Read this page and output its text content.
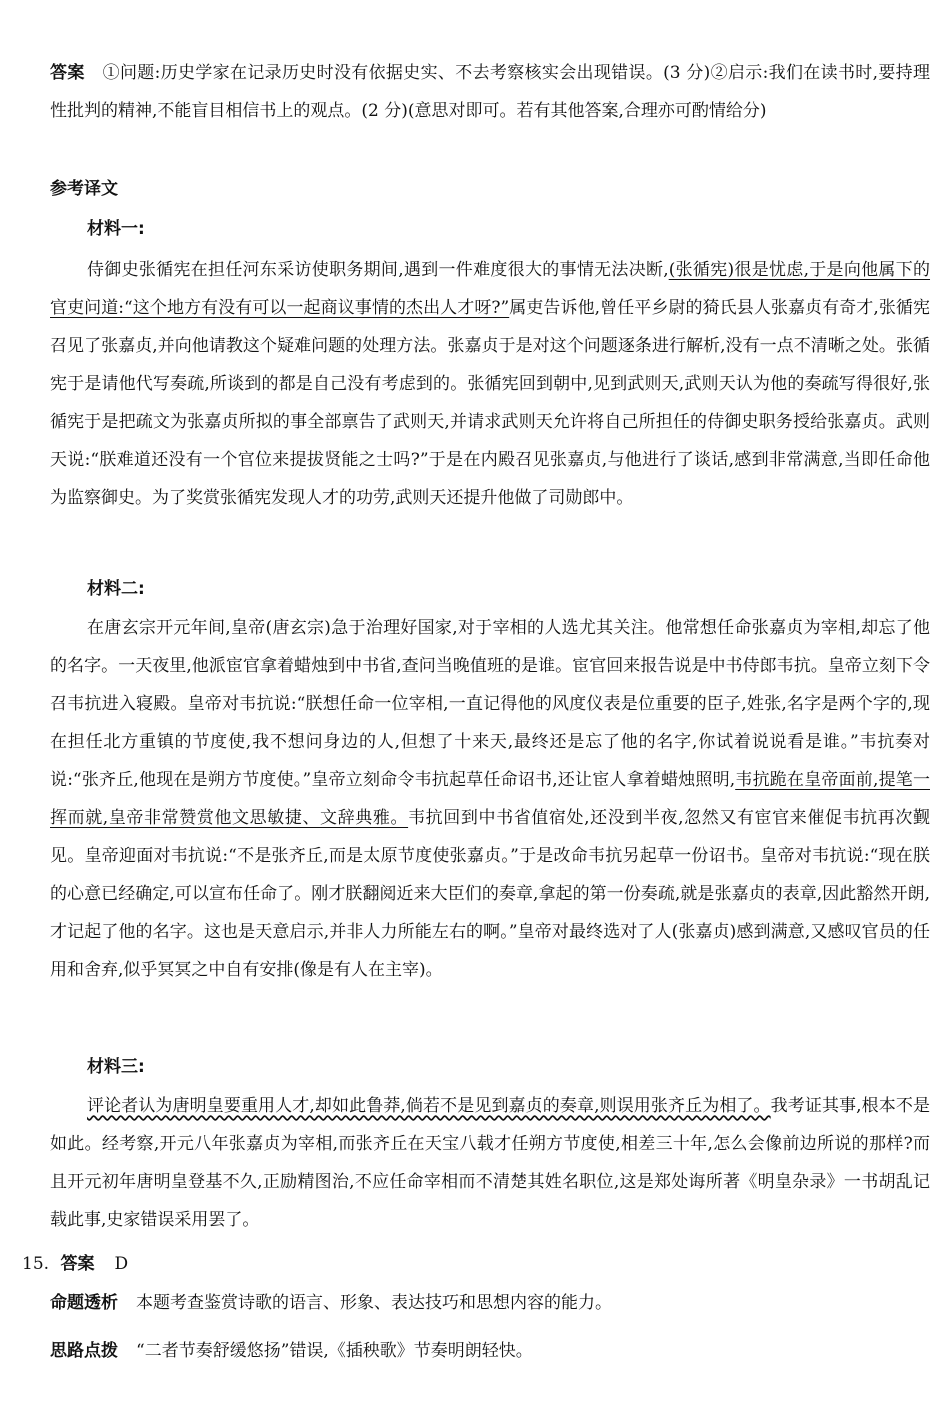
答案 ①问题:历史学家在记录历史时没有依据史实、不去考察核实会出现错误。(3 分)②启示:我们在读书时,要持理性批判的精神,不能盲目相信书上的观点。(2 分)(意思对即可。若有其他答案,合理亦可酌情给分)
参考译文
材料一:
侍御史张循宪在担任河东采访使职务期间,遇到一件难度很大的事情无法决断,(张循宪)很是忧虑,于是向他属下的官吏问道:“这个地方有没有可以一起商议事情的杰出人才呀?”属吏告诉他,曾任平乡尉的猗氏县人张嘉贞有奇才,张循宪召见了张嘉贞,并向他请教这个疑难问题的处理方法。张嘉贞于是对这个问题逐条进行解析,没有一点不清晰之处。张循宪于是请他代写奏疏,所谈到的都是自己没有考虑到的。张循宪回到朝中,见到武则天,武则天认为他的奏疏写得很好,张循宪于是把疏文为张嘉贞所拟的事全部禀告了武则天,并请求武则天允许将自己所担任的侍御史职务授给张嘉贞。武则天说:“朕难道还没有一个官位来提拔贤能之士吗?”于是在内殿召见张嘉贞,与他进行了谈话,感到非常满意,当即任命他为监察御史。为了奖赏张循宪发现人才的功劳,武则天还提升他做了司勋郎中。
材料二:
在唐玄宗开元年间,皇帝(唐玄宗)急于治理好国家,对于宰相的人选尤其关注。他常想任命张嘉贞为宰相,却忘了他的名字。一天夜里,他派宦官拿着蜡烛到中书省,查问当晚值班的是谁。宦官回来报告说是中书侍郎韦抗。皇帝立刻下令召韦抗进入寝殿。皇帝对韦抗说:“朕想任命一位宰相,一直记得他的风度仪表是位重要的臣子,姓张,名字是两个字的,现在担任北方重镇的节度使,我不想问身边的人,但想了十来天,最终还是忘了他的名字,你试着说说看是谁。”韦抗奏对说:“张齐丘,他现在是朔方节度使。”皇帝立刻命令韦抗起草任命诏书,还让宦人拿着蜡烛照明,韦抗跪在皇帝面前,提笔一挥而就,皇帝非常赞赏他文思敏捷、文辞典雅。韦抗回到中书省值宿处,还没到半夜,忽然又有宦官来催促韦抗再次觐见。皇帝迎面对韦抗说:“不是张齐丘,而是太原节度使张嘉贞。”于是改命韦抗另起草一份诏书。皇帝对韦抗说:“现在朕的心意已经确定,可以宣布任命了。刚才朕翻阅近来大臣们的奏章,拿起的第一份奏疏,就是张嘉贞的表章,因此豁然开朗,才记起了他的名字。这也是天意启示,并非人力所能左右的啊。”皇帝对最终选对了人(张嘉贞)感到满意,又感叹官员的任用和舍弃,似乎冥冥之中自有安排(像是有人在主宰)。
材料三:
评论者认为唐明皇要重用人才,却如此鲁莽,倘若不是见到嘉贞的奏章,则误用张齐丘为相了。我考证其事,根本不是如此。经考察,开元八年张嘉贞为宰相,而张齐丘在天宝八载才任朔方节度使,相差三十年,怎么会像前边所说的那样?而且开元初年唐明皇登基不久,正励精图治,不应任命宰相而不清楚其姓名职位,这是郑处诲所著《明皇杂录》一书胡乱记载此事,史家错误采用罢了。
15. 答案 D
命题透析 本题考查鉴赏诗歌的语言、形象、表达技巧和思想内容的能力。
思路点拨 “二者节奏舒缓悠扬”错误,《插秧歌》节奏明朗轻快。
